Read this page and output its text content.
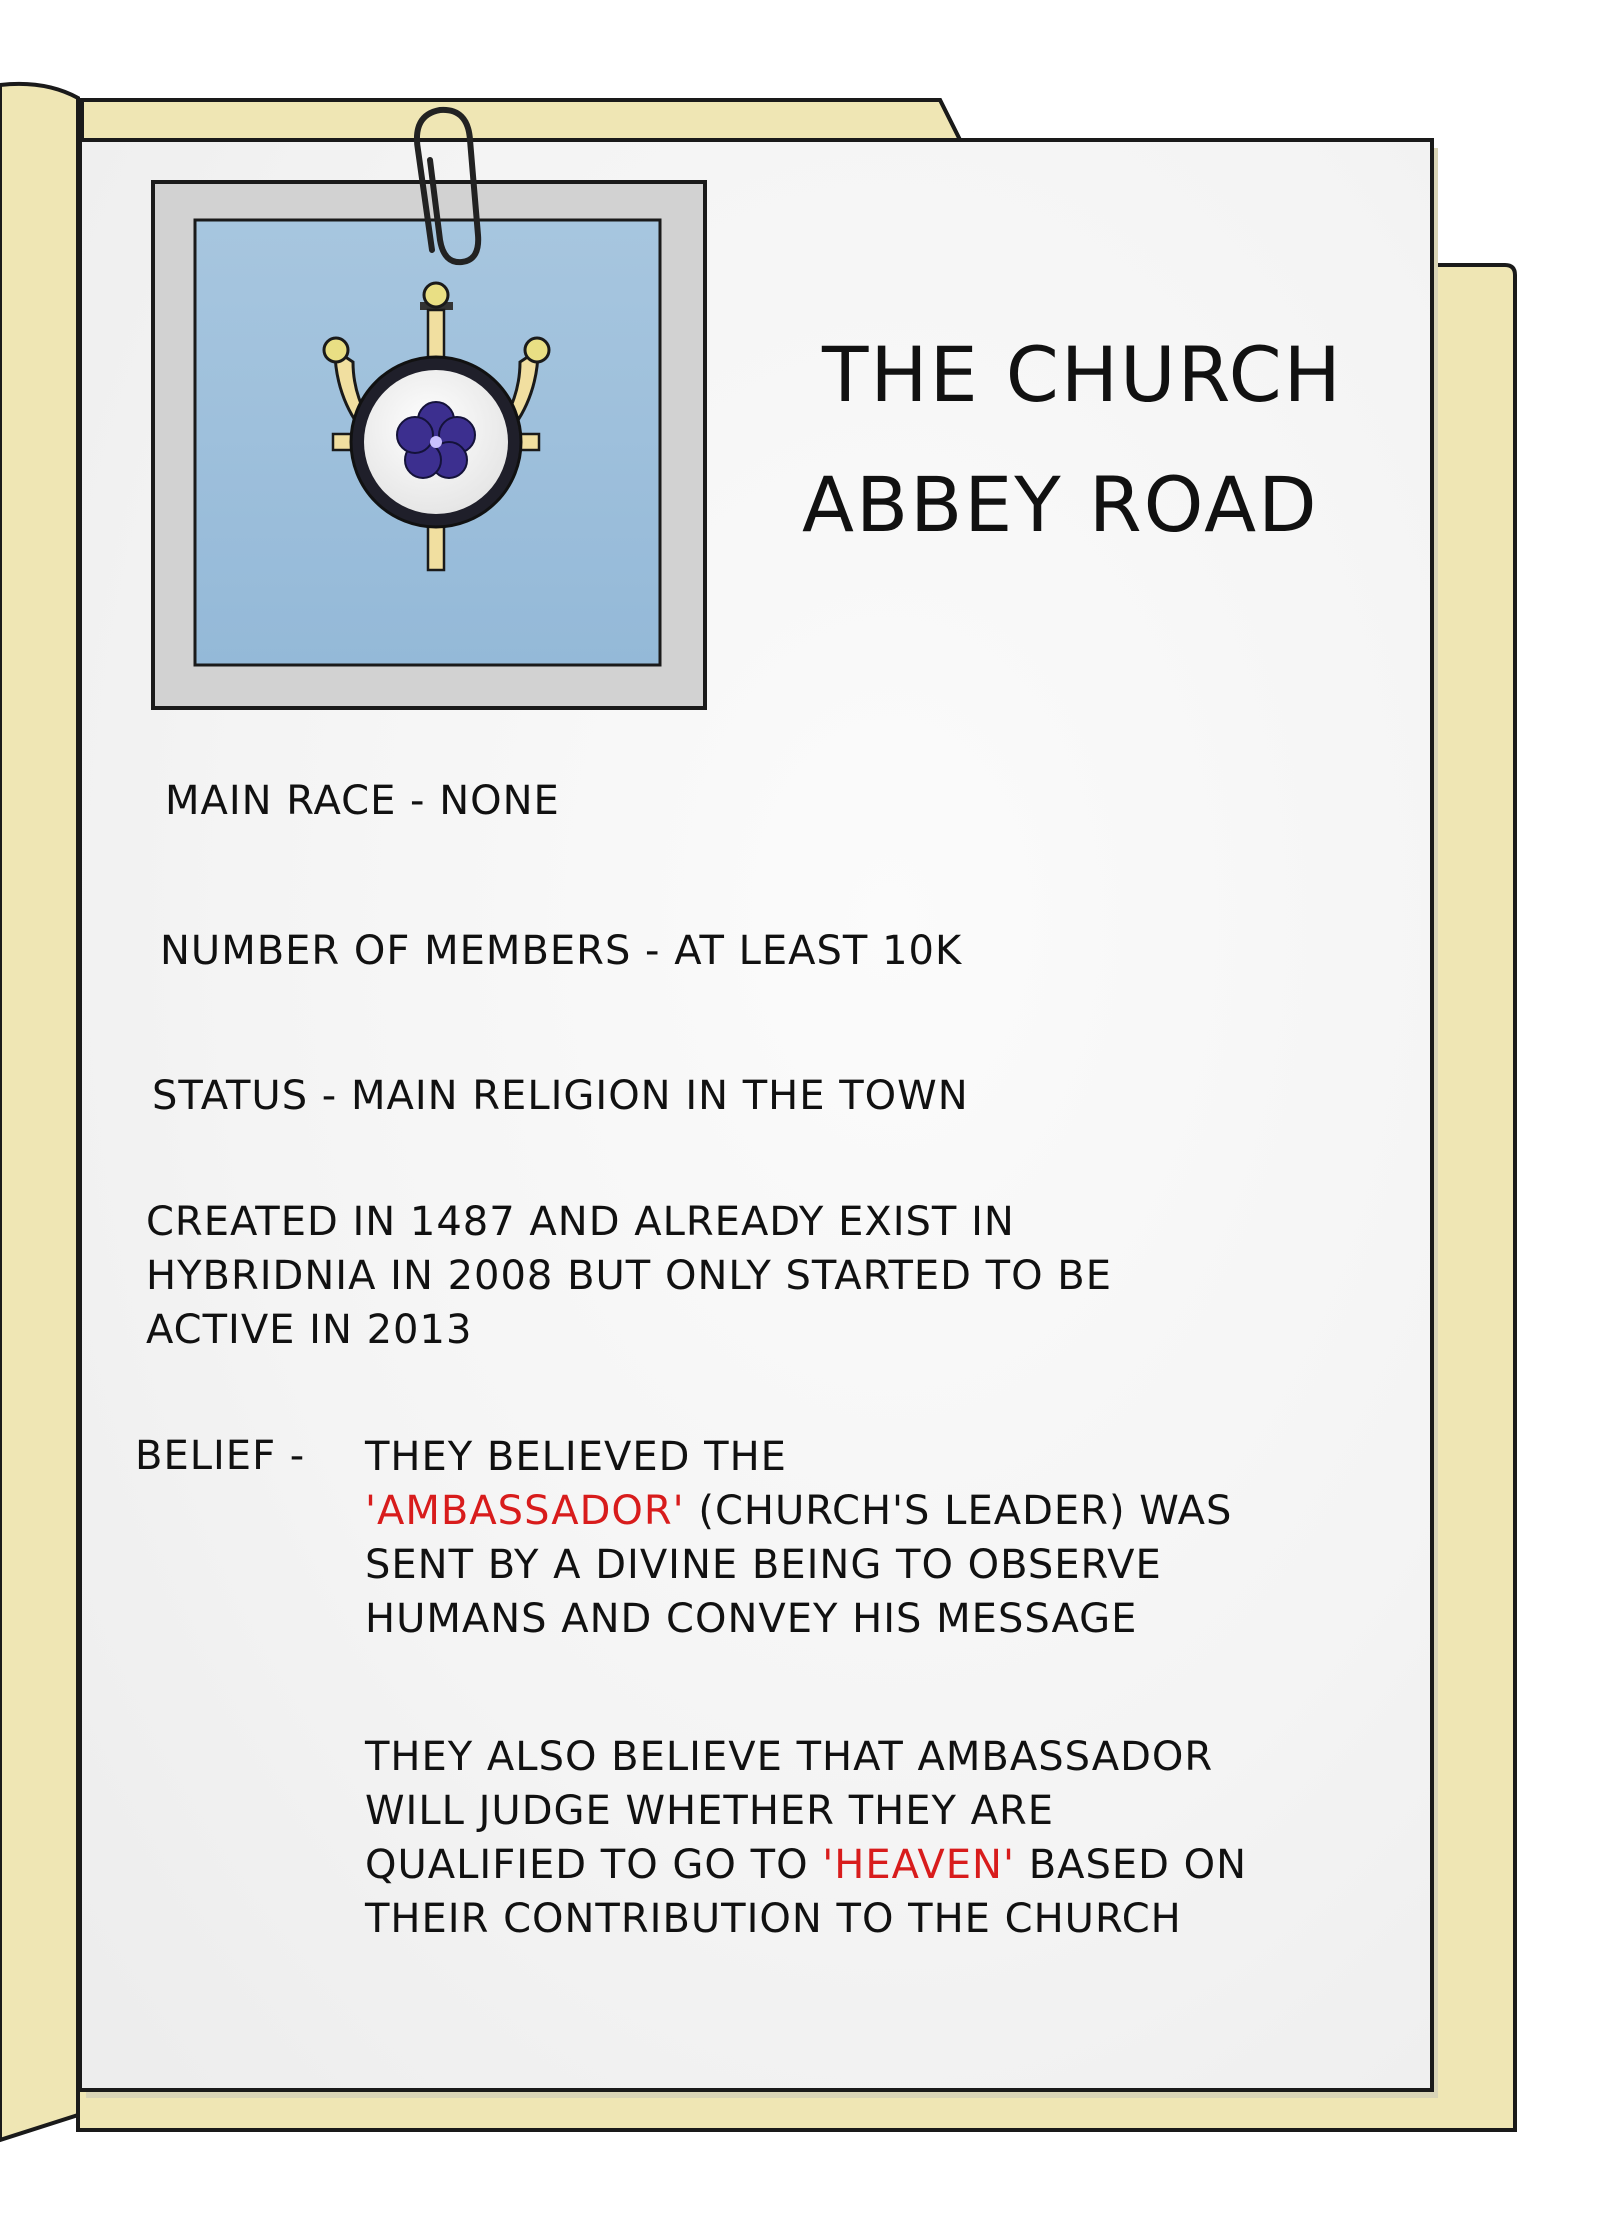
THE CHURCH

ABBEY ROAD

MAIN RACE - NONE

NUMBER OF MEMBERS - AT LEAST 10K

STATUS - MAIN RELIGION IN THE TOWN

CREATED IN 1487 AND ALREADY EXIST IN
HYBRIDNIA IN 2008 BUT ONLY STARTED TO BE
ACTIVE IN 2013

BELIEF - THEY BELIEVED THE
'AMBASSADOR' (CHURCH'S LEADER) WAS
SENT BY A DIVINE BEING TO OBSERVE
HUMANS AND CONVEY HIS MESSAGE
THEY ALSO BELIEVE THAT AMBASSADOR
WILL JUDGE WHETHER THEY ARE
QUALIFIED TO GO TO 'HEAVEN' BASED ON
THEIR CONTRIBUTION TO THE CHURCH
